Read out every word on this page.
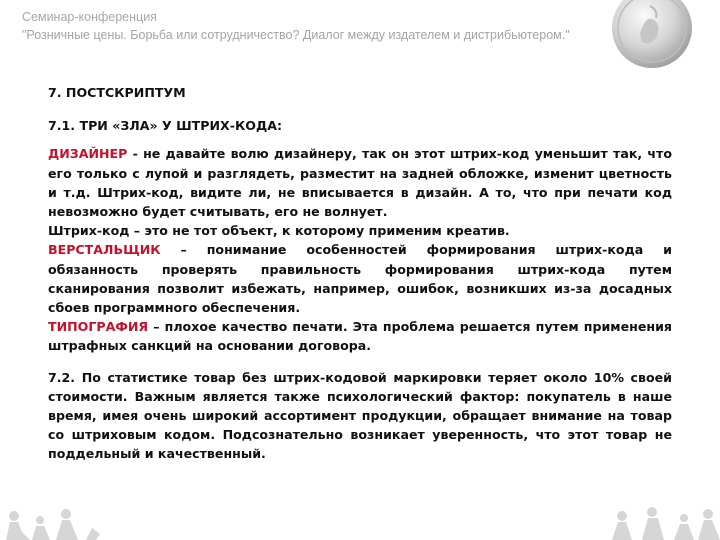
Семинар-конференция
"Розничные цены. Борьба или сотрудничество? Диалог между издателем и дистрибьютером."
7. ПОСТСКРИПТУМ
7.1. ТРИ «ЗЛА» У ШТРИХ-КОДА:

ДИЗАЙНЕР - не давайте волю дизайнеру, так он этот штрих-код уменьшит так, что его только с лупой и разглядеть, разместит на задней обложке, изменит цветность и т.д. Штрих-код, видите ли, не вписывается в дизайн. А то, что при печати код невозможно будет считывать, его не волнует.

Штрих-код – это не тот объект, к которому применим креатив.

ВЕРСТАЛЬЩИК – понимание особенностей формирования штрих-кода и обязанность проверять правильность формирования штрих-кода путем сканирования позволит избежать, например, ошибок, возникших из-за досадных сбоев программного обеспечения.

ТИПОГРАФИЯ – плохое качество печати. Эта проблема решается путем применения штрафных санкций на основании договора.

7.2. По статистике товар без штрих-кодовой маркировки теряет около 10% своей стоимости. Важным является также психологический фактор: покупатель в наше время, имея очень широкий ассортимент продукции, обращает внимание на товар со штриховым кодом. Подсознательно возникает уверенность, что этот товар не поддельный и качественный.
